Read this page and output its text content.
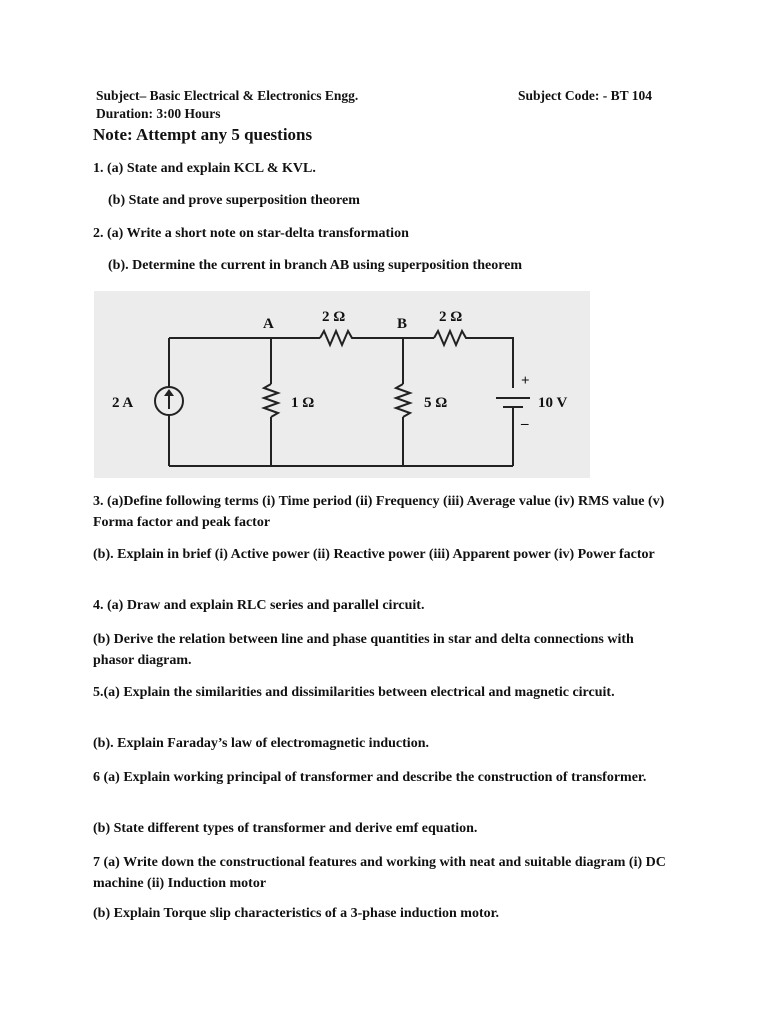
Subject– Basic Electrical & Electronics Engg.	Subject Code: - BT 104

Duration: 3:00 Hours

Note: Attempt any 5 questions

1. (a) State and explain KCL & KVL.

(b) State and prove superposition theorem

2. (a) Write a short note on star-delta transformation

(b). Determine the current in branch AB using superposition theorem

A	B
2 Ω	2 Ω
2 A	1 Ω	5 Ω	10 V
+
–

3. (a)Define following terms (i) Time period (ii) Frequency (iii) Average value (iv) RMS value (v) Forma factor and peak factor

(b). Explain in brief (i) Active power (ii) Reactive power (iii) Apparent power (iv) Power factor

4. (a) Draw and explain RLC series and parallel circuit.

(b) Derive the relation between line and phase quantities in star and delta connections with phasor diagram.

5.(a) Explain the similarities and dissimilarities between electrical and magnetic circuit.

(b). Explain Faraday’s law of electromagnetic induction.

6 (a) Explain working principal of transformer and describe the construction of transformer.

(b) State different types of transformer and derive emf equation.

7 (a) Write down the constructional features and working with neat and suitable diagram (i) DC machine (ii) Induction motor

(b) Explain Torque slip characteristics of a 3-phase induction motor.
